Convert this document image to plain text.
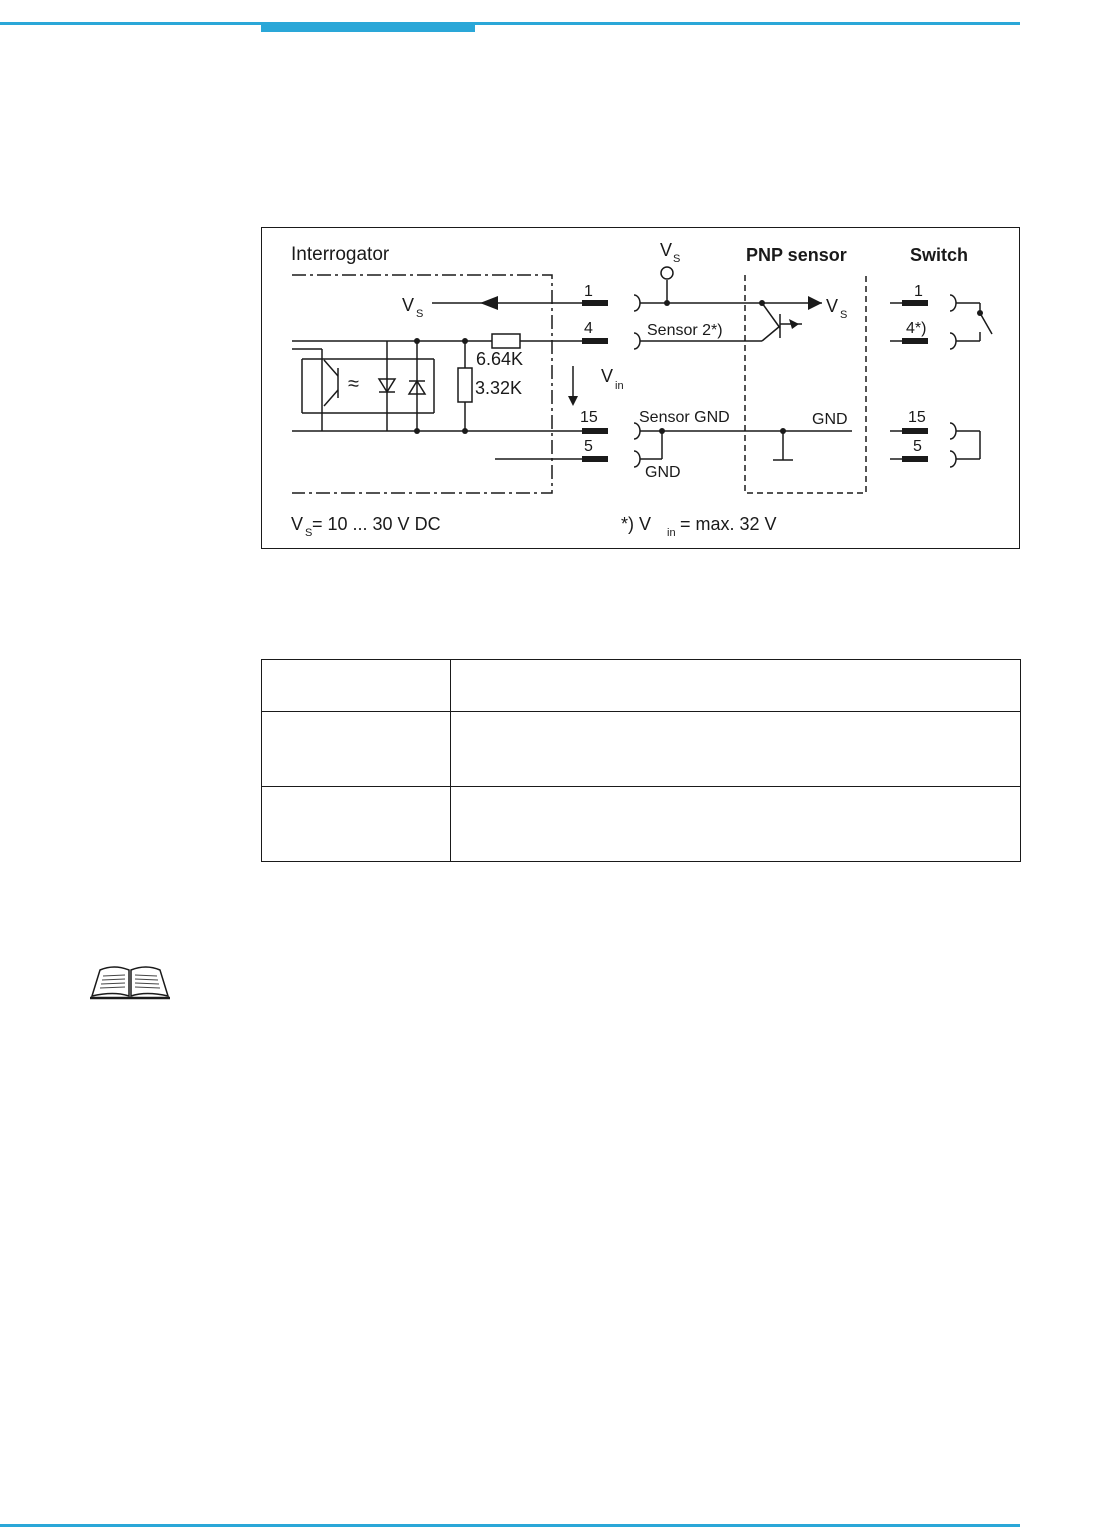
≈
Interrogator	PNP sensor	Switch
V S
V S
V S
V in
1
4
15
5
1
4*)
15
5
6.64K
3.32K
Sensor 2*)
Sensor GND	GND
GND
V S = 10 ... 30 V DC	*) V in = max. 32 V
